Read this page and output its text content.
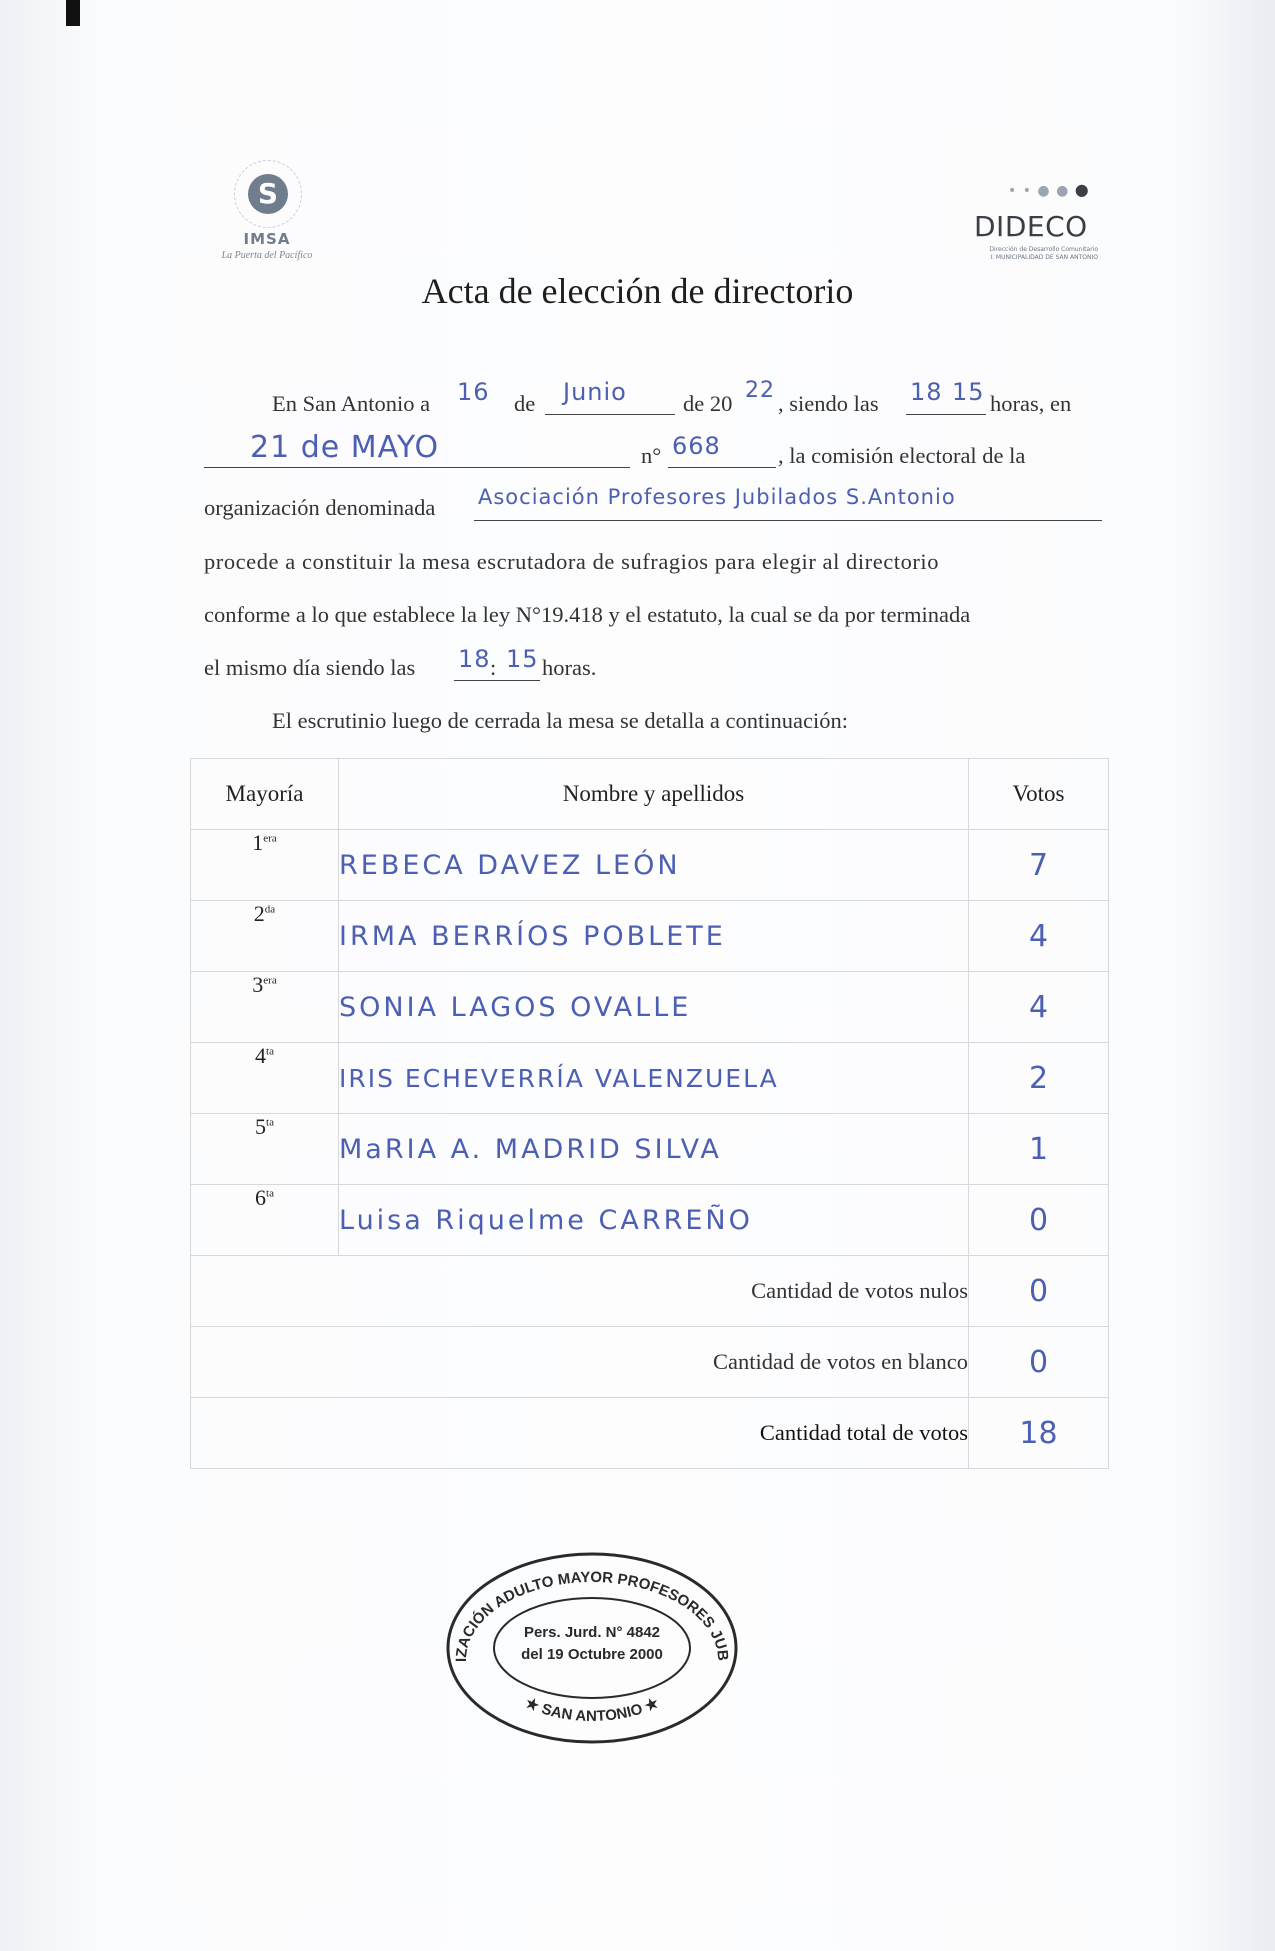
S
IMSA
La Puerta del Pacífico
• • ● ● ●
DIDECO
Dirección de Desarrollo Comunitario
I. MUNICIPALIDAD DE SAN ANTONIO
Acta de elección de directorio
En San Antonio a 16 de Junio de 20
22
, siendo las 18 15 horas, en
21 de MAYO	n° 668	, la comisión electoral de la
organización denominada Asociación Profesores Jubilados S.Antonio
procede a constituir la mesa escrutadora de sufragios para elegir al directorio
conforme a lo que establece la ley N°19.418 y el estatuto, la cual se da por terminada
el mismo día siendo las 18 : 15 horas.
El escrutinio luego de cerrada la mesa se detalla a continuación:
Mayoría	Nombre y apellidos	Votos
$1^{era}$	REBECA DAVEZ LEÓN	7
$2^{da}$	IRMA BERRÍOS POBLETE	4
$3^{era}$	SONIA LAGOS OVALLE	4
$4^{ta}$	IRIS ECHEVERRÍA VALENZUELA	2
$5^{ta}$	MaRIA A. MADRID SILVA	1
$6^{ta}$	Luisa Riquelme CARREÑO	0
Cantidad de votos nulos		0
Cantidad de votos en blanco		0
Cantidad total de votos		18
IZACIÓN ADULTO MAYOR PROFESORES JUB
★ SAN ANTONIO ★
Pers. Jurd. N° 4842
del 19 Octubre 2000
